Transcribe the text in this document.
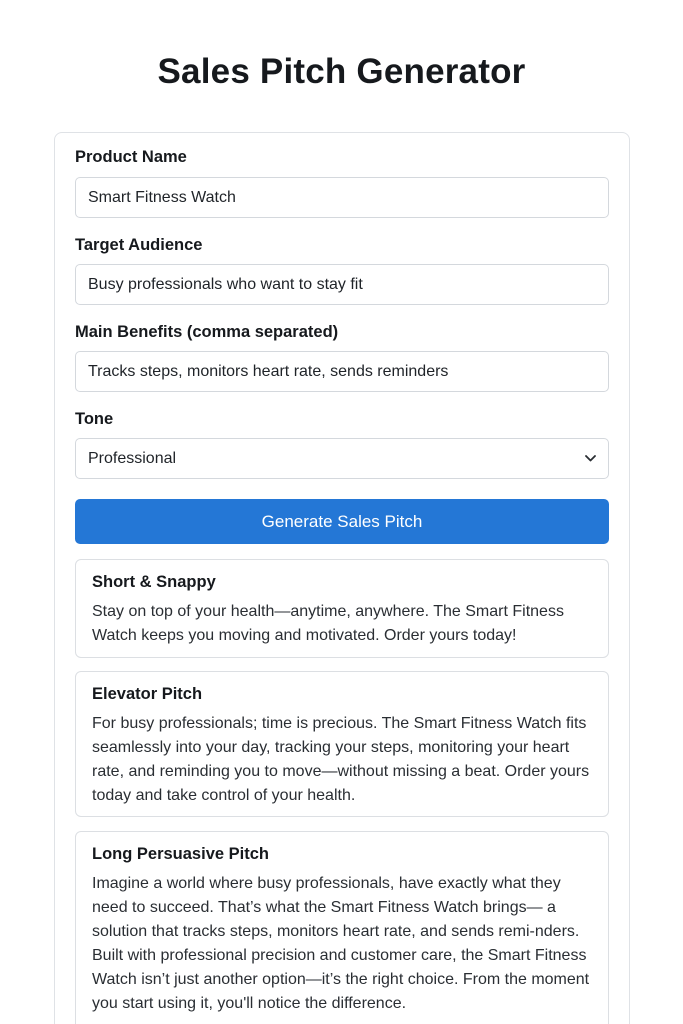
Sales Pitch Generator
Product Name
Smart Fitness Watch
Target Audience
Busy professionals who want to stay fit
Main Benefits (comma separated)
Tracks steps, monitors heart rate, sends reminders
Tone
Professional
Generate Sales Pitch
Short & Snappy
Stay on top of your health—anytime, anywhere. The Smart Fitness Watch keeps you moving and motivated. Order yours today!
Elevator Pitch
For busy professionals; time is precious. The Smart Fitness Watch fits seamlessly into your day, tracking your steps, monitoring your heart rate, and reminding you to move—without missing a beat. Order yours today and take control of your health.
Long Persuasive Pitch
Imagine a world where busy professionals, have exactly what they need to succeed. That’s what the Smart Fitness Watch brings— a solution that tracks steps, monitors heart rate, and sends remi-nders. Built with professional precision and customer care, the Smart Fitness Watch isn’t just another option—it’s the right choice. From the moment you start using it, you'll notice the difference.
